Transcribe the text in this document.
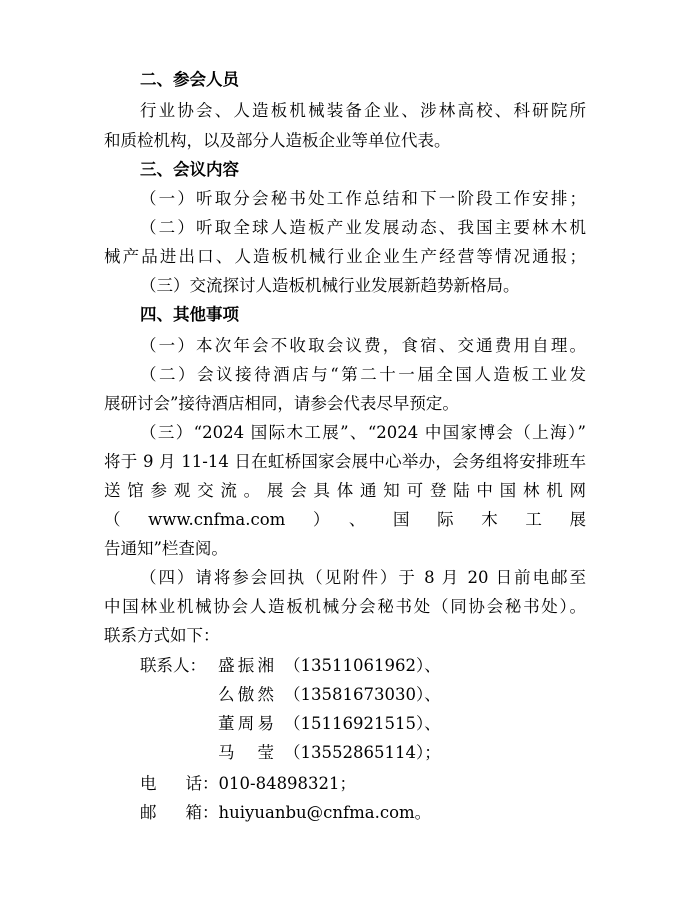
二、参会人员
行业协会、人造板机械装备企业、涉林高校、科研院所
和质检机构，以及部分人造板企业等单位代表。
三、会议内容
（一）听取分会秘书处工作总结和下一阶段工作安排；
（二）听取全球人造板产业发展动态、我国主要林木机
械产品进出口、人造板机械行业企业生产经营等情况通报；
（三）交流探讨人造板机械行业发展新趋势新格局。
四、其他事项
（一）本次年会不收取会议费，食宿、交通费用自理。
（二）会议接待酒店与“第二十一届全国人造板工业发
展研讨会”接待酒店相同，请参会代表尽早预定。
（三）“2024 国际木工展”、“2024 中国家博会（上海）”
将于 9 月 11-14 日在虹桥国家会展中心举办，会务组将安排班车
送馆参观交流。展会具体通知可登陆中国林机网
（www.cnfma.com）、国际木工展
告通知”栏查阅。
（四）请将参会回执（见附件）于 8 月 20 日前电邮至
中国林业机械协会人造板机械分会秘书处（同协会秘书处）。
联系方式如下：
联系人： 盛振湘 （13511061962）、
么傲然 （13581673030）、
董周易 （15116921515）、
马　莹 （13552865114）；
电　话：010-84898321；
邮　箱：huiyuanbu@cnfma.com。
